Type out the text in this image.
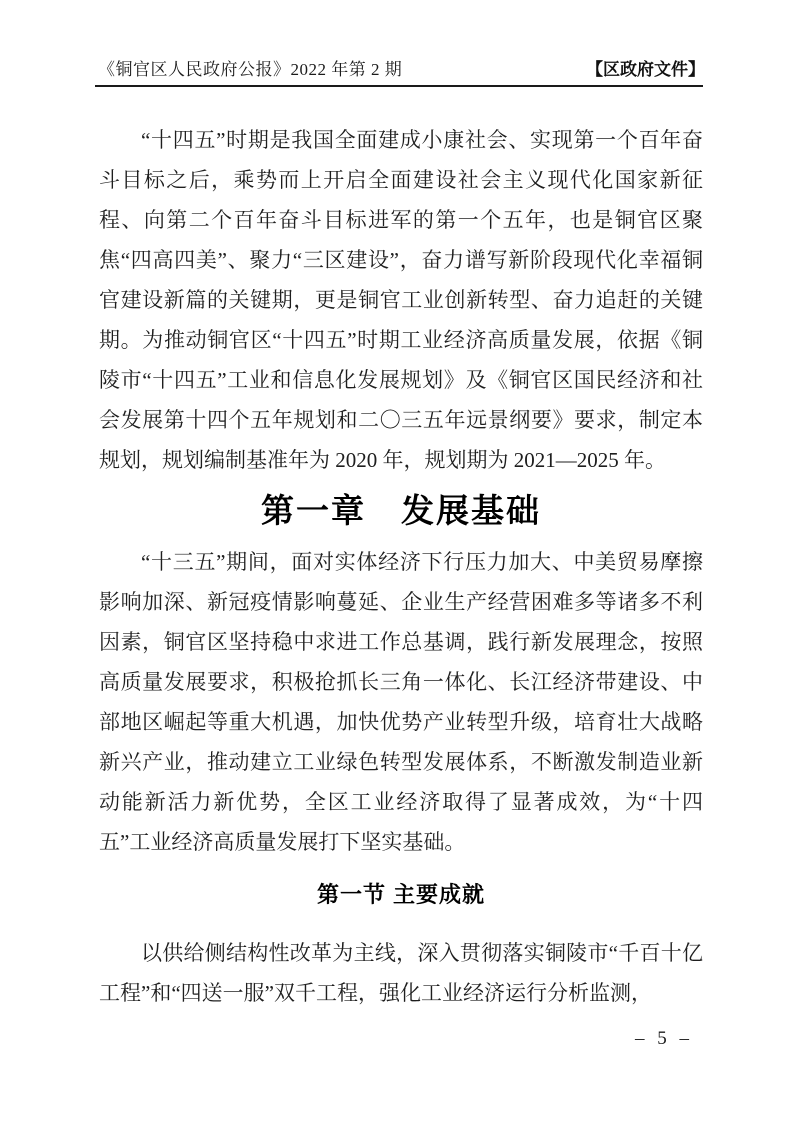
《铜官区人民政府公报》2022 年第 2 期	【区政府文件】

“十四五”时期是我国全面建成小康社会、实现第一个百年奋斗目标之后，乘势而上开启全面建设社会主义现代化国家新征程、向第二个百年奋斗目标进军的第一个五年，也是铜官区聚焦“四高四美”、聚力“三区建设”，奋力谱写新阶段现代化幸福铜官建设新篇的关键期，更是铜官工业创新转型、奋力追赶的关键期。为推动铜官区“十四五”时期工业经济高质量发展，依据《铜陵市“十四五”工业和信息化发展规划》及《铜官区国民经济和社会发展第十四个五年规划和二〇三五年远景纲要》要求，制定本规划，规划编制基准年为 2020 年，规划期为 2021—2025 年。

第一章　发展基础

“十三五”期间，面对实体经济下行压力加大、中美贸易摩擦影响加深、新冠疫情影响蔓延、企业生产经营困难多等诸多不利因素，铜官区坚持稳中求进工作总基调，践行新发展理念，按照高质量发展要求，积极抢抓长三角一体化、长江经济带建设、中部地区崛起等重大机遇，加快优势产业转型升级，培育壮大战略新兴产业，推动建立工业绿色转型发展体系，不断激发制造业新动能新活力新优势，全区工业经济取得了显著成效，为“十四五”工业经济高质量发展打下坚实基础。

第一节 主要成就

以供给侧结构性改革为主线，深入贯彻落实铜陵市“千百十亿工程”和“四送一服”双千工程，强化工业经济运行分析监测，

– 5 –
